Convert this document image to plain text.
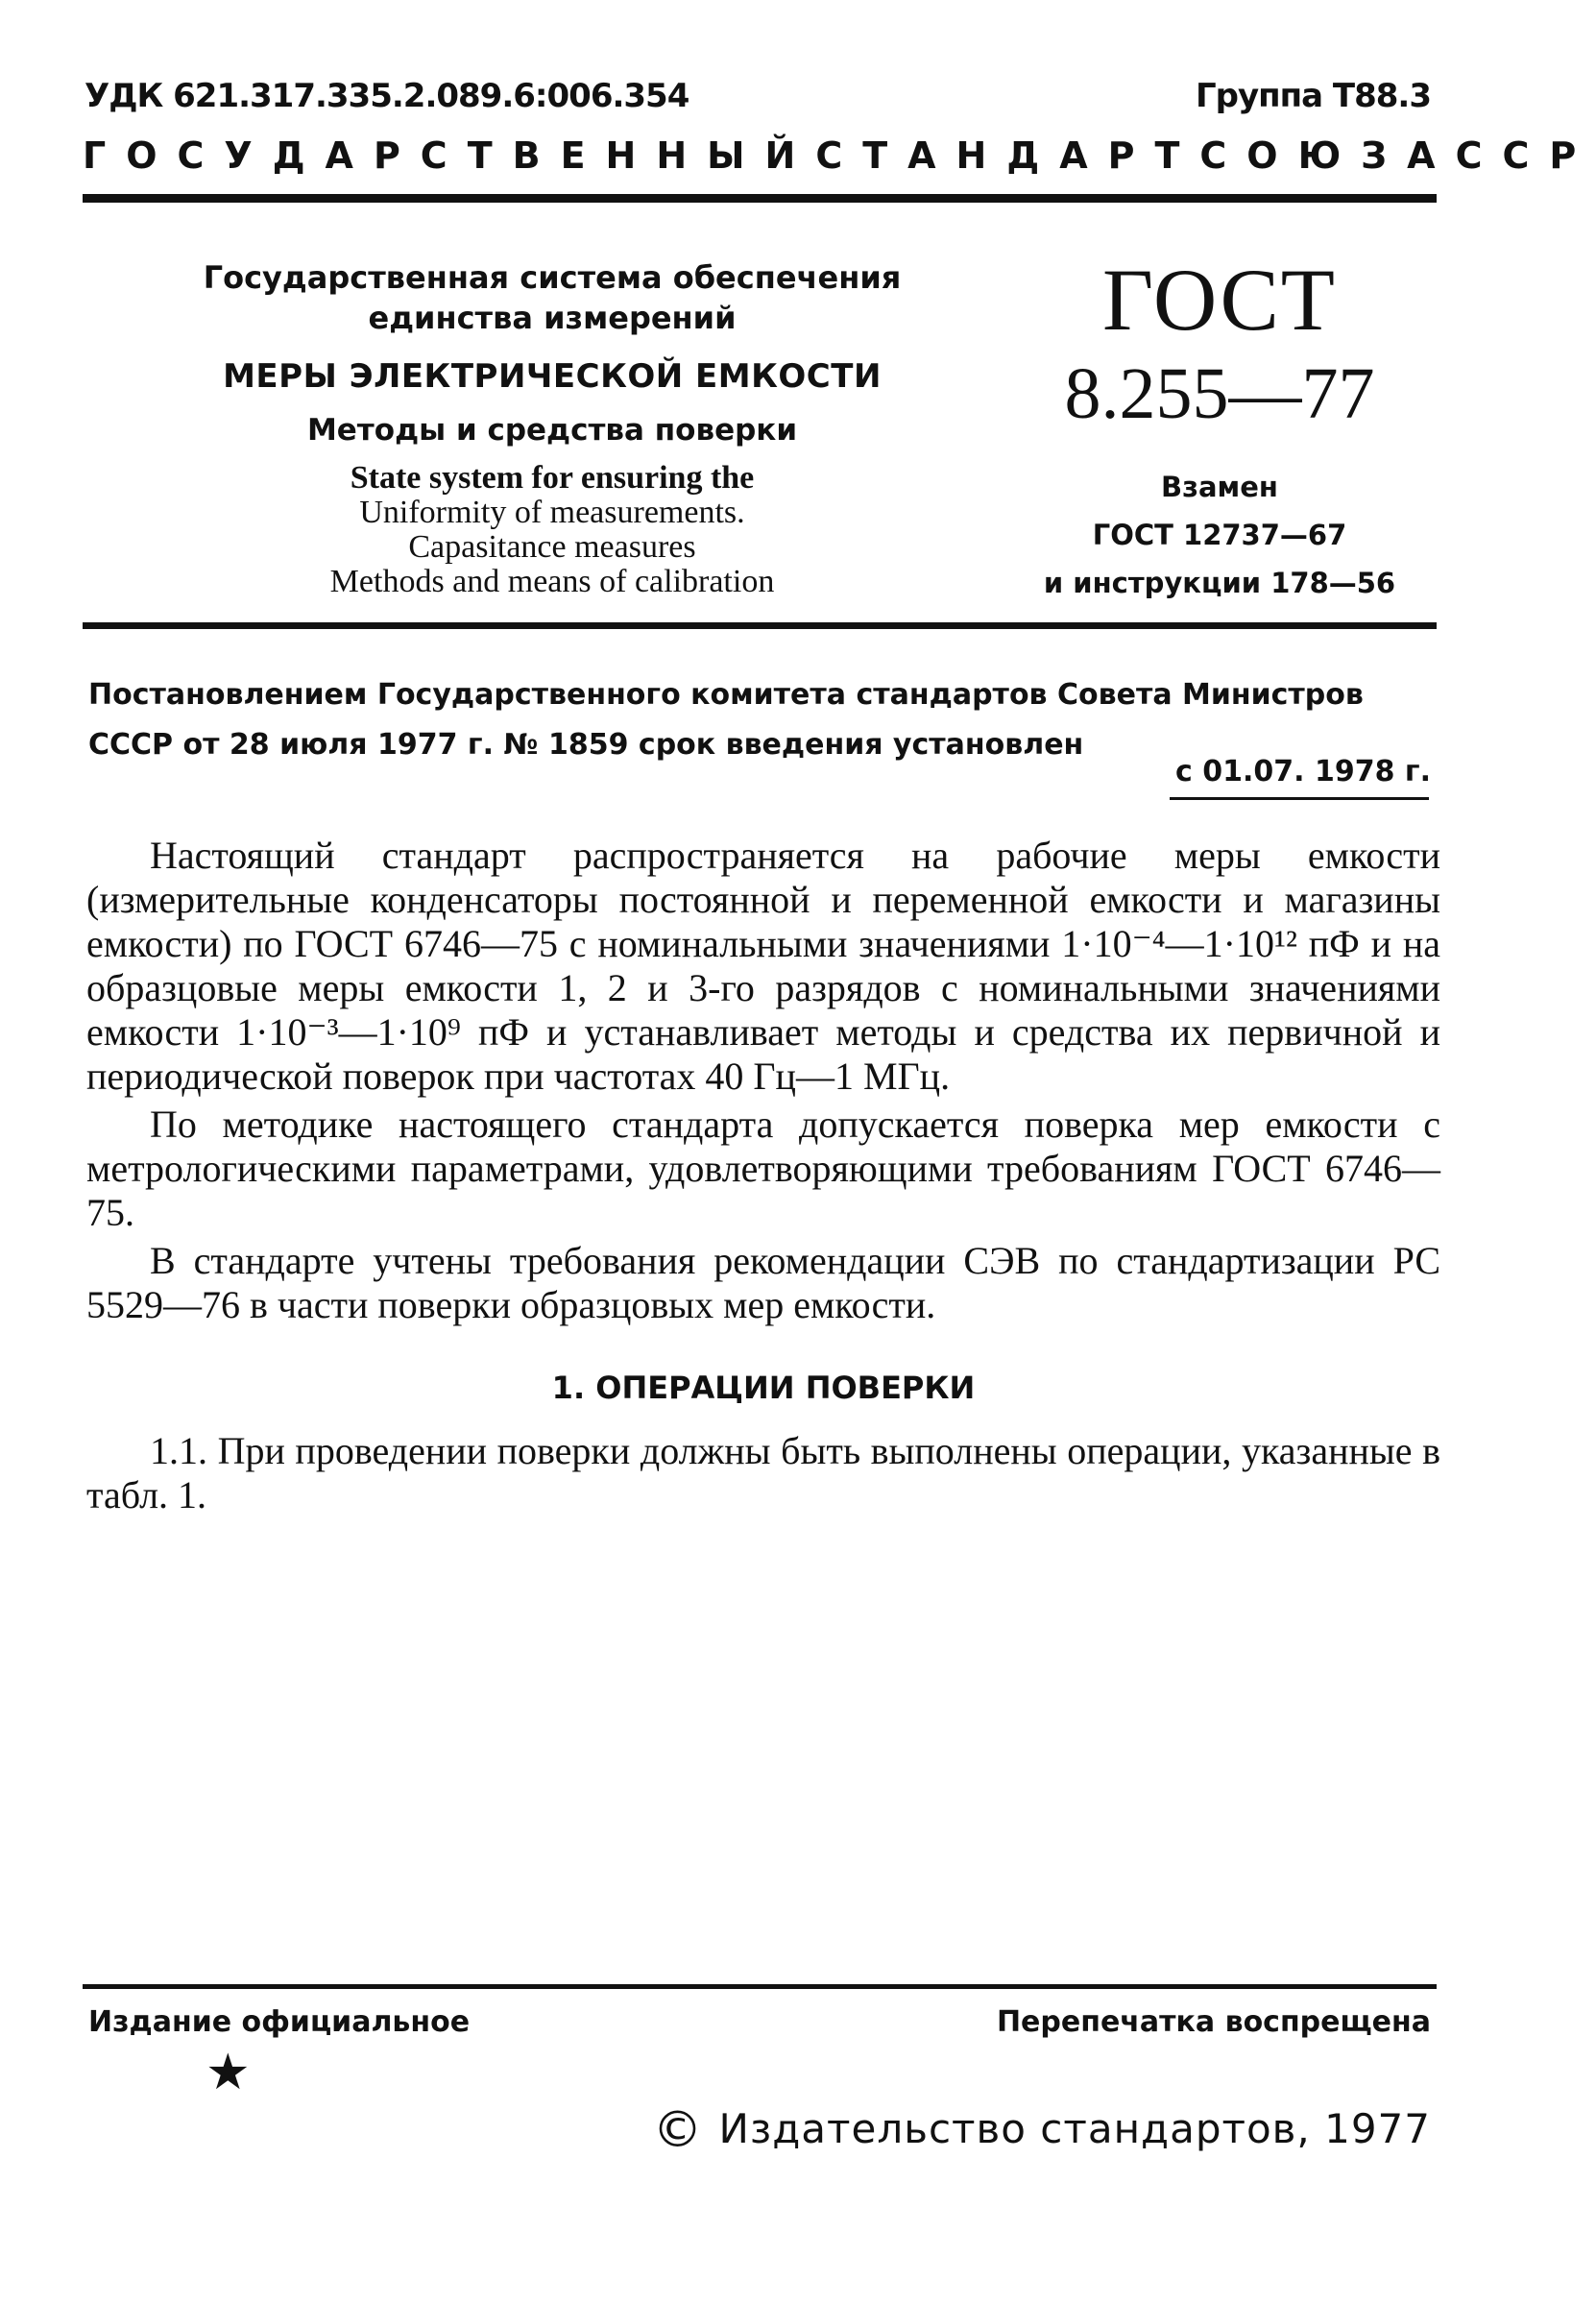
УДК 621.317.335.2.089.6:006.354	Группа Т88.3
ГОСУДАРСТВЕННЫЙ СТАНДАРТ СОЮЗА ССР
Государственная система обеспечения единства измерений
МЕРЫ ЭЛЕКТРИЧЕСКОЙ ЕМКОСТИ
Методы и средства поверки
State system for ensuring the
Uniformity of measurements.
Capasitance measures
Methods and means of calibration
ГОСТ
8.255—77
Взамен
ГОСТ 12737—67
и инструкции 178—56
Постановлением Государственного комитета стандартов Совета Министров СССР от 28 июля 1977 г. № 1859 срок введения установлен
с 01.07. 1978 г.

Настоящий стандарт распространяется на рабочие меры емкости (измерительные конденсаторы постоянной и переменной емкости и магазины емкости) по ГОСТ 6746—75 с номинальными значениями 1·10⁻⁴—1·10¹² пФ и на образцовые меры емкости 1, 2 и 3-го разрядов с номинальными значениями емкости 1·10⁻³—1·10⁹ пФ и устанавливает методы и средства их первичной и периодической поверок при частотах 40 Гц—1 МГц.

По методике настоящего стандарта допускается поверка мер емкости с метрологическими параметрами, удовлетворяющими требованиям ГОСТ 6746—75.

В стандарте учтены требования рекомендации СЭВ по стандартизации РС 5529—76 в части поверки образцовых мер емкости.

1. ОПЕРАЦИИ ПОВЕРКИ

1.1. При проведении поверки должны быть выполнены операции, указанные в табл. 1.

Издание официальное	Перепечатка воспрещена
★
© Издательство стандартов, 1977
